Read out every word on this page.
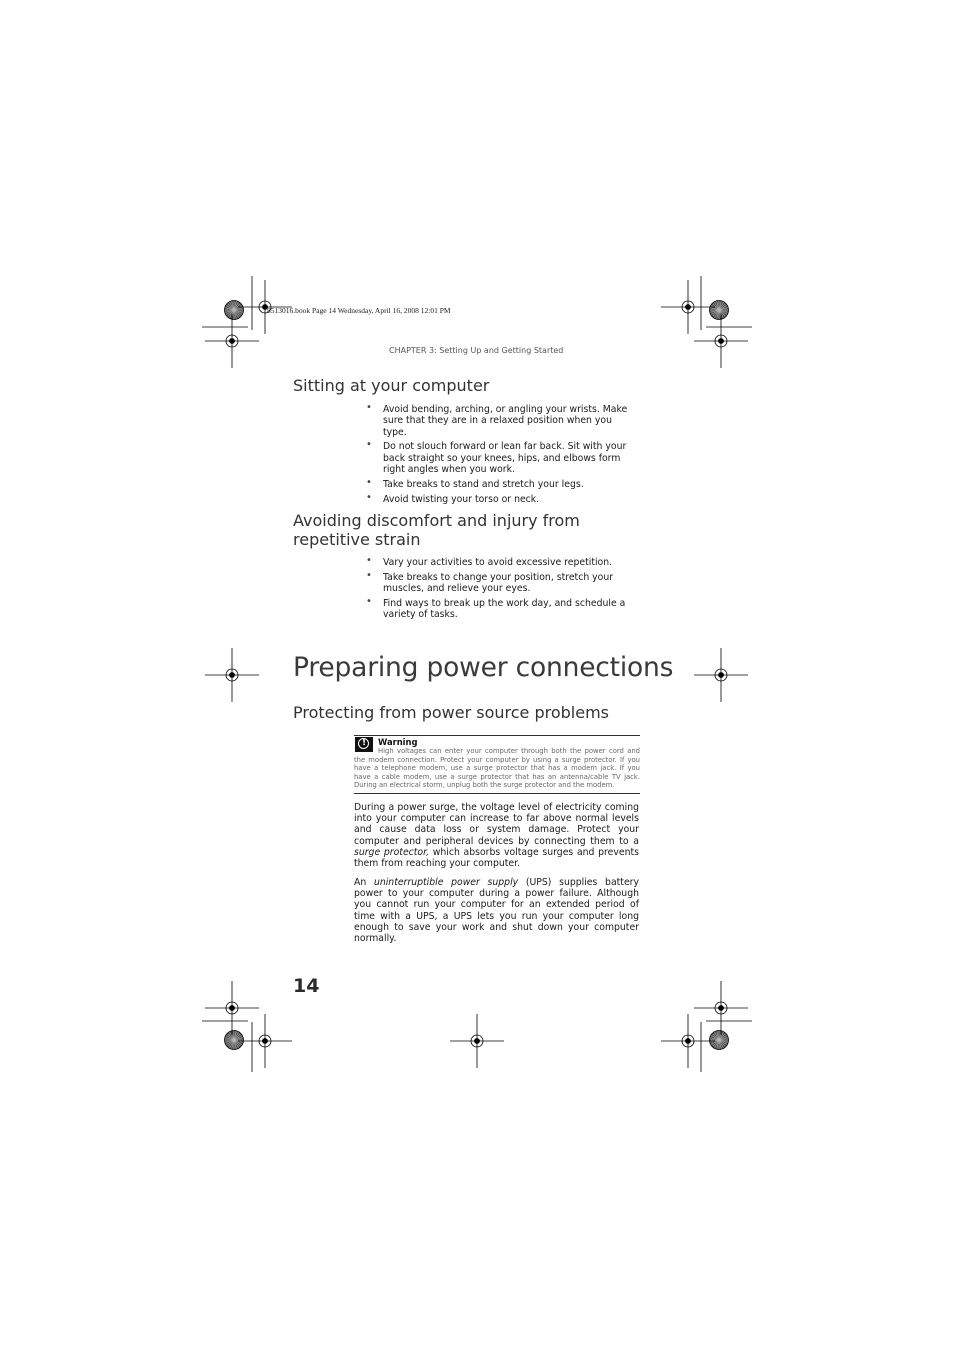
8513016.book Page 14 Wednesday, April 16, 2008 12:01 PM
CHAPTER 3: Setting Up and Getting Started
Sitting at your computer
• Avoid bending, arching, or angling your wrists. Make sure that they are in a relaxed position when you type.
• Do not slouch forward or lean far back. Sit with your back straight so your knees, hips, and elbows form right angles when you work.
• Take breaks to stand and stretch your legs.
• Avoid twisting your torso or neck.
Avoiding discomfort and injury from repetitive strain
• Vary your activities to avoid excessive repetition.
• Take breaks to change your position, stretch your muscles, and relieve your eyes.
• Find ways to break up the work day, and schedule a variety of tasks.
Preparing power connections
Protecting from power source problems
!	Warning
High voltages can enter your computer through both the power cord and the modem connection. Protect your computer by using a surge protector. If you have a telephone modem, use a surge protector that has a modem jack. If you have a cable modem, use a surge protector that has an antenna/cable TV jack. During an electrical storm, unplug both the surge protector and the modem.

During a power surge, the voltage level of electricity coming into your computer can increase to far above normal levels and cause data loss or system damage. Protect your computer and peripheral devices by connecting them to a surge protector, which absorbs voltage surges and prevents them from reaching your computer.

An uninterruptible power supply (UPS) supplies battery power to your computer during a power failure. Although you cannot run your computer for an extended period of time with a UPS, a UPS lets you run your computer long enough to save your work and shut down your computer normally.

14
